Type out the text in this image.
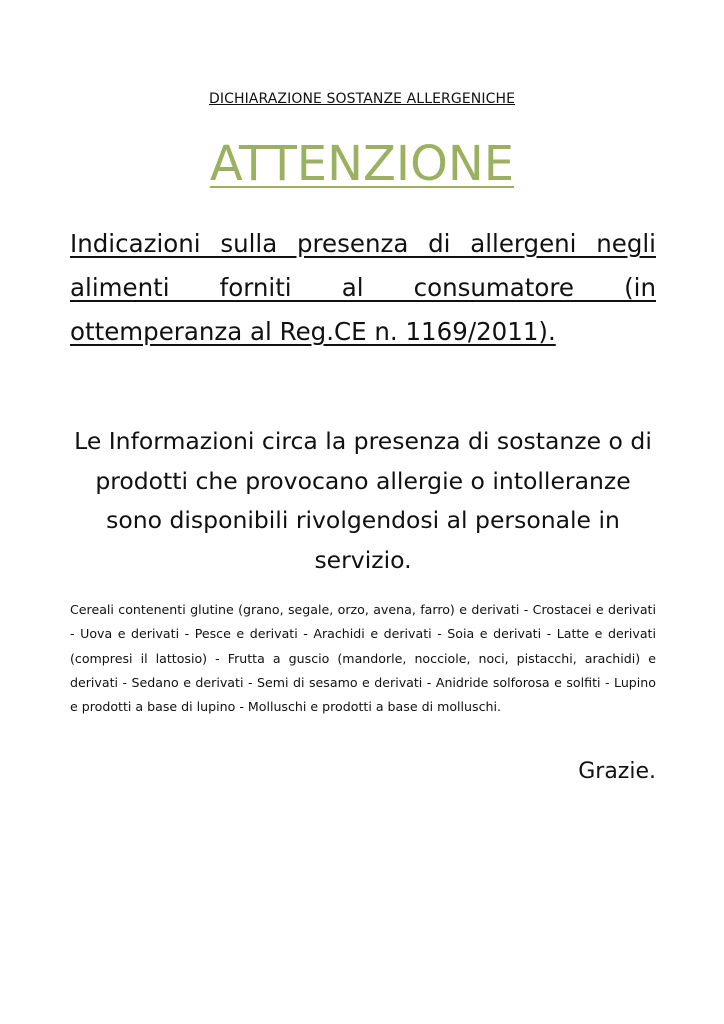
DICHIARAZIONE SOSTANZE ALLERGENICHE
ATTENZIONE
Indicazioni sulla presenza di allergeni negli alimenti forniti al consumatore (in ottemperanza al Reg.CE n. 1169/2011).
Le Informazioni circa la presenza di sostanze o di prodotti che provocano allergie o intolleranze sono disponibili rivolgendosi al personale in servizio.
Cereali contenenti glutine (grano, segale, orzo, avena, farro) e derivati - Crostacei e derivati - Uova e derivati - Pesce e derivati - Arachidi e derivati - Soia e derivati - Latte e derivati (compresi il lattosio) - Frutta a guscio (mandorle, nocciole, noci, pistacchi, arachidi) e derivati - Sedano e derivati - Semi di sesamo e derivati - Anidride solforosa e solfiti - Lupino e prodotti a base di lupino - Molluschi e prodotti a base di molluschi.
Grazie.
